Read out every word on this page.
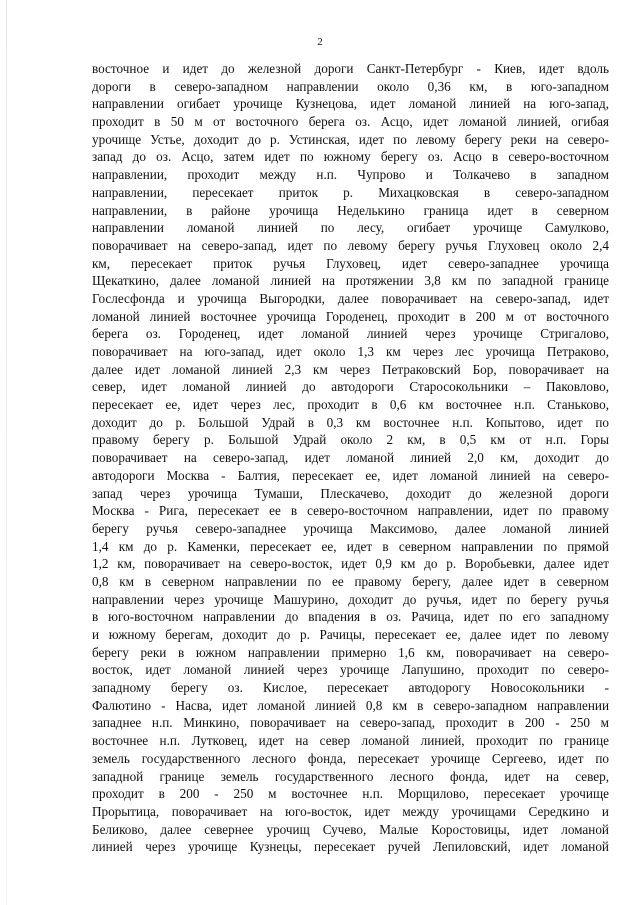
2
восточное и идет до железной дороги Санкт-Петербург - Киев, идет вдоль
дороги в северо-западном направлении около 0,36 км, в юго-западном
направлении огибает урочище Кузнецова, идет ломаной линией на юго-запад,
проходит в 50 м от восточного берега оз. Асцо, идет ломаной линией, огибая
урочище Устье, доходит до р. Устинская, идет по левому берегу реки на северо-
запад до оз. Асцо, затем идет по южному берегу оз. Асцо в северо-восточном
направлении, проходит между н.п. Чупрово и Толкачево в западном
направлении, пересекает приток р. Михацковская в северо-западном
направлении, в районе урочища Неделькино граница идет в северном
направлении ломаной линией по лесу, огибает урочище Самулково,
поворачивает на северо-запад, идет по левому берегу ручья Глуховец около 2,4
км, пересекает приток ручья Глуховец, идет северо-западнее урочища
Щекаткино, далее ломаной линией на протяжении 3,8 км по западной границе
Гослесфонда и урочища Выгородки, далее поворачивает на северо-запад, идет
ломаной линией восточнее урочища Городенец, проходит в 200 м от восточного
берега оз. Городенец, идет ломаной линией через урочище Стригалово,
поворачивает на юго-запад, идет около 1,3 км через лес урочища Петраково,
далее идет ломаной линией 2,3 км через Петраковский Бор, поворачивает на
север, идет ломаной линией до автодороги Старосокольники – Паковлово,
пересекает ее, идет через лес, проходит в 0,6 км восточнее н.п. Станьково,
доходит до р. Большой Удрай в 0,3 км восточнее н.п. Копытово, идет по
правому берегу р. Большой Удрай около 2 км, в 0,5 км от н.п. Горы
поворачивает на северо-запад, идет ломаной линией 2,0 км, доходит до
автодороги Москва - Балтия, пересекает ее, идет ломаной линией на северо-
запад через урочища Тумаши, Плескачево, доходит до железной дороги
Москва - Рига, пересекает ее в северо-восточном направлении, идет по правому
берегу ручья северо-западнее урочища Максимово, далее ломаной линией
1,4 км до р. Каменки, пересекает ее, идет в северном направлении по прямой
1,2 км, поворачивает на северо-восток, идет 0,9 км до р. Воробьевки, далее идет
0,8 км в северном направлении по ее правому берегу, далее идет в северном
направлении через урочище Машурино, доходит до ручья, идет по берегу ручья
в юго-восточном направлении до впадения в оз. Рачица, идет по его западному
и южному берегам, доходит до р. Рачицы, пересекает ее, далее идет по левому
берегу реки в южном направлении примерно 1,6 км, поворачивает на северо-
восток, идет ломаной линией через урочище Лапушино, проходит по северо-
западному берегу оз. Кислое, пересекает автодорогу Новосокольники -
Фалютино - Насва, идет ломаной линией 0,8 км в северо-западном направлении
западнее н.п. Минкино, поворачивает на северо-запад, проходит в 200 - 250 м
восточнее н.п. Лутковец, идет на север ломаной линией, проходит по границе
земель государственного лесного фонда, пересекает урочище Сергеево, идет по
западной границе земель государственного лесного фонда, идет на север,
проходит в 200 - 250 м восточнее н.п. Морщилово, пересекает урочище
Прорытица, поворачивает на юго-восток, идет между урочищами Середкино и
Беликово, далее севернее урочищ Сучево, Малые Коростовицы, идет ломаной
линией через урочище Кузнецы, пересекает ручей Лепиловский, идет ломаной
